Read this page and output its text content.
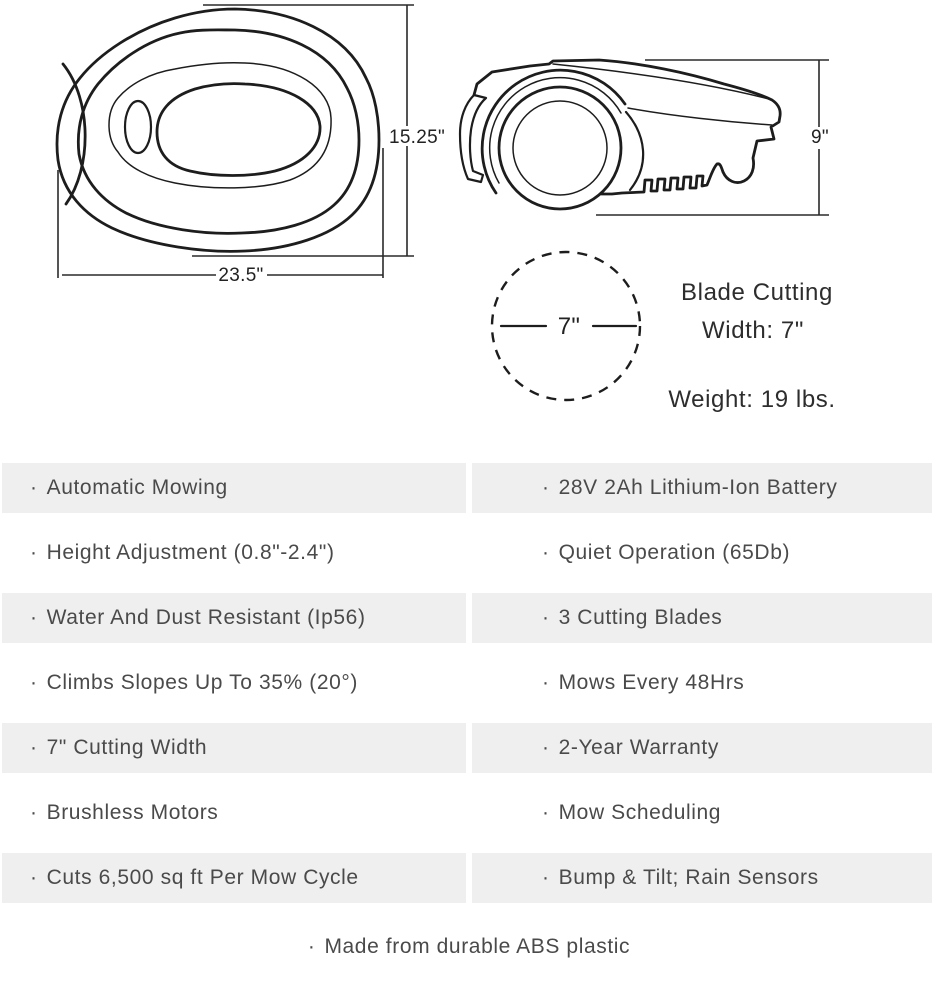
15.25"
23.5"
9"
7"
Blade Cutting
Width: 7"
Weight: 19 lbs.
· Automatic Mowing
· Height Adjustment (0.8"-2.4")
· Water And Dust Resistant (Ip56)
· Climbs Slopes Up To 35% (20°)
· 7" Cutting Width
· Brushless Motors
· Cuts 6,500 sq ft Per Mow Cycle
· 28V 2Ah Lithium-Ion Battery
· Quiet Operation (65Db)
· 3 Cutting Blades
· Mows Every 48Hrs
· 2-Year Warranty
· Mow Scheduling
· Bump & Tilt; Rain Sensors
· Made from durable ABS plastic
